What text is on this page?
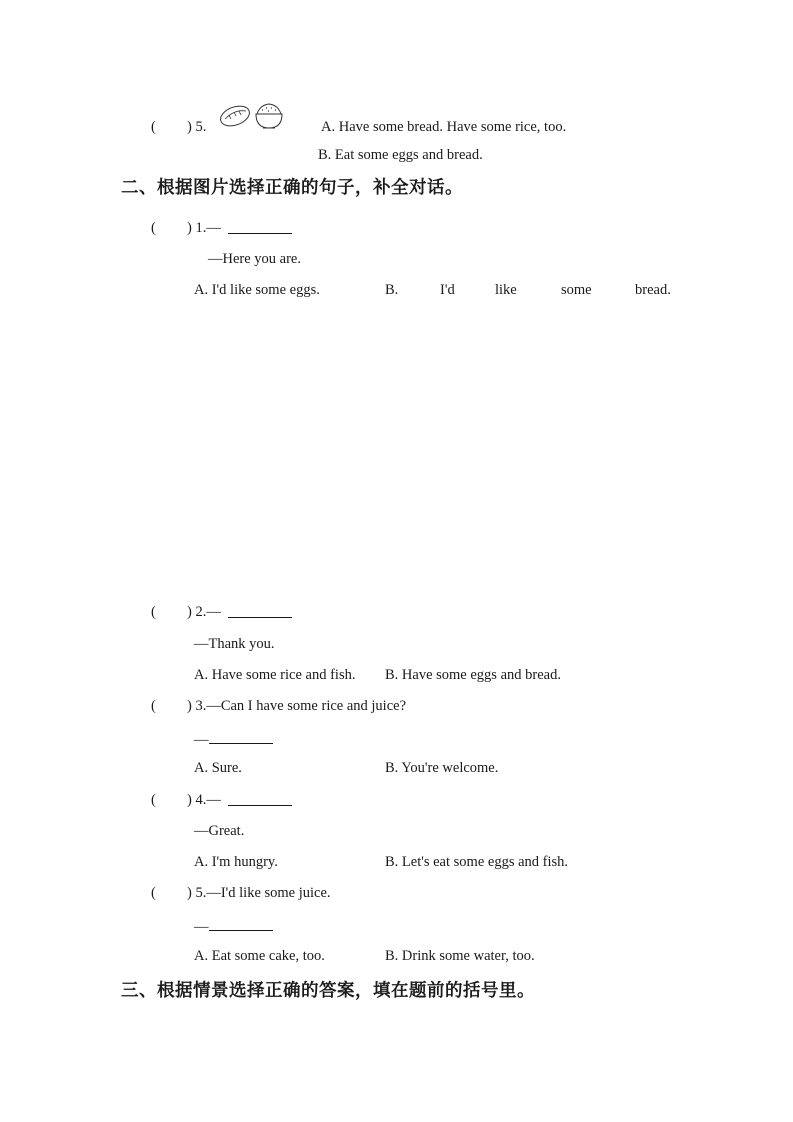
( ) 5.	A. Have some bread. Have some rice, too.
B. Eat some eggs and bread.
二、根据图片选择正确的句子，补全对话。
( ) 1.—
—Here you are.
A. I'd like some eggs.	B.	I'd	like	some	bread.
( ) 2.—
—Thank you.
A. Have some rice and fish. B. Have some eggs and bread.
( ) 3.—Can I have some rice and juice?
—
A. Sure.	B. You're welcome.
( ) 4.—
—Great.
A. I'm hungry.	B. Let's eat some eggs and fish.
( ) 5.—I'd like some juice.
—
A. Eat some cake, too.	B. Drink some water, too.
三、根据情景选择正确的答案，填在题前的括号里。
